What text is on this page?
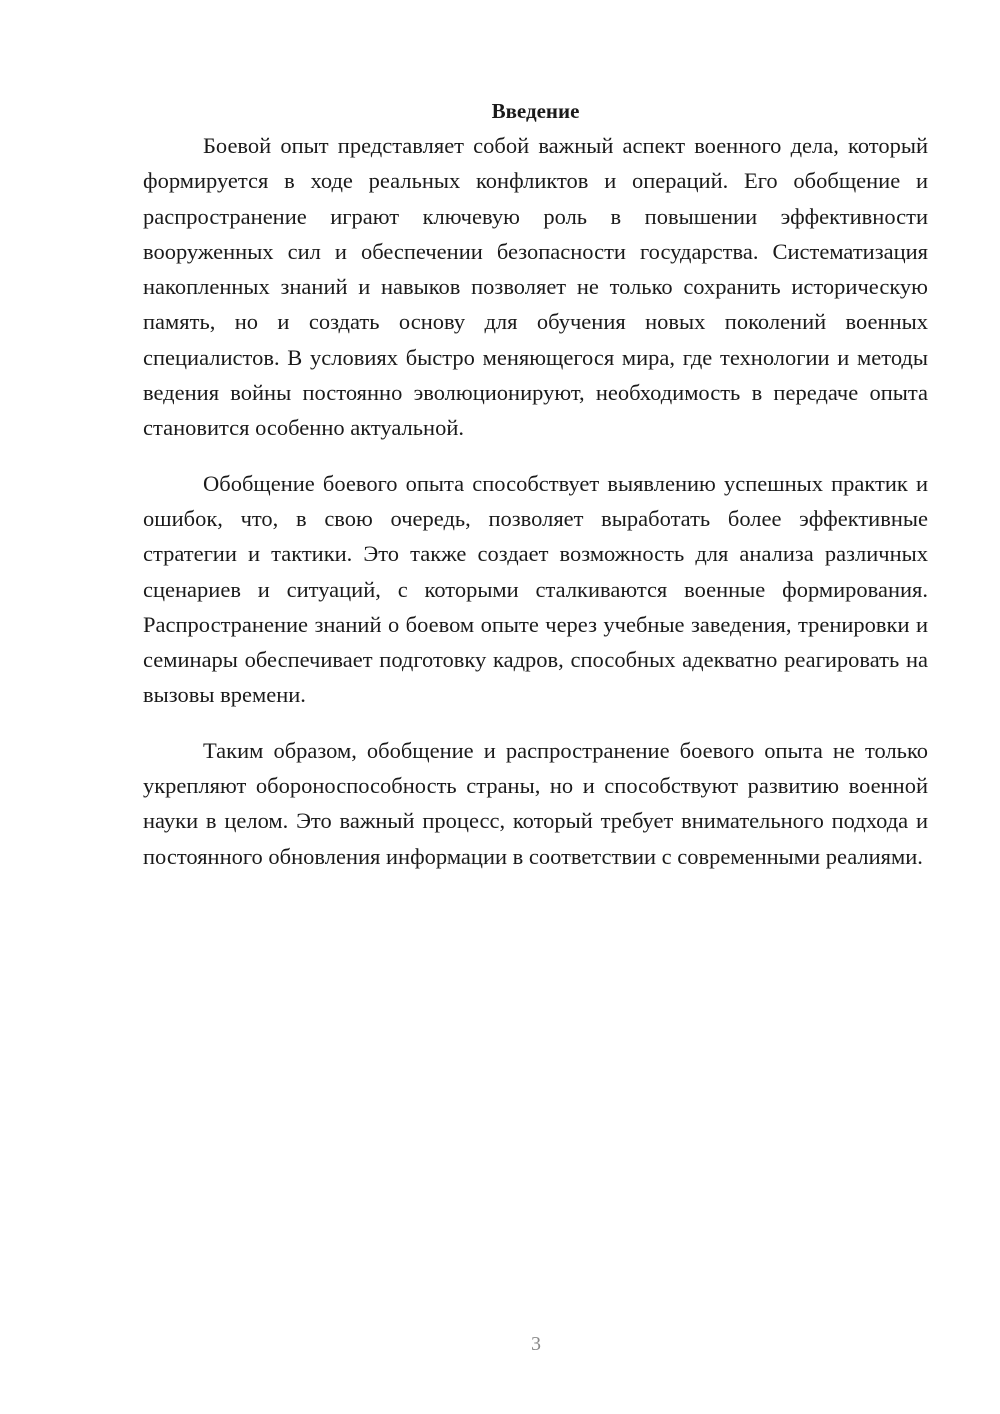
Введение

Боевой опыт представляет собой важный аспект военного дела, который формируется в ходе реальных конфликтов и операций. Его обобщение и распространение играют ключевую роль в повышении эффективности вооруженных сил и обеспечении безопасности государства. Систематизация накопленных знаний и навыков позволяет не только сохранить историческую память, но и создать основу для обучения новых поколений военных специалистов. В условиях быстро меняющегося мира, где технологии и методы ведения войны постоянно эволюционируют, необходимость в передаче опыта становится особенно актуальной.

Обобщение боевого опыта способствует выявлению успешных практик и ошибок, что, в свою очередь, позволяет выработать более эффективные стратегии и тактики. Это также создает возможность для анализа различных сценариев и ситуаций, с которыми сталкиваются военные формирования. Распространение знаний о боевом опыте через учебные заведения, тренировки и семинары обеспечивает подготовку кадров, способных адекватно реагировать на вызовы времени.

Таким образом, обобщение и распространение боевого опыта не только укрепляют обороноспособность страны, но и способствуют развитию военной науки в целом. Это важный процесс, который требует внимательного подхода и постоянного обновления информации в соответствии с современными реалиями.

3
